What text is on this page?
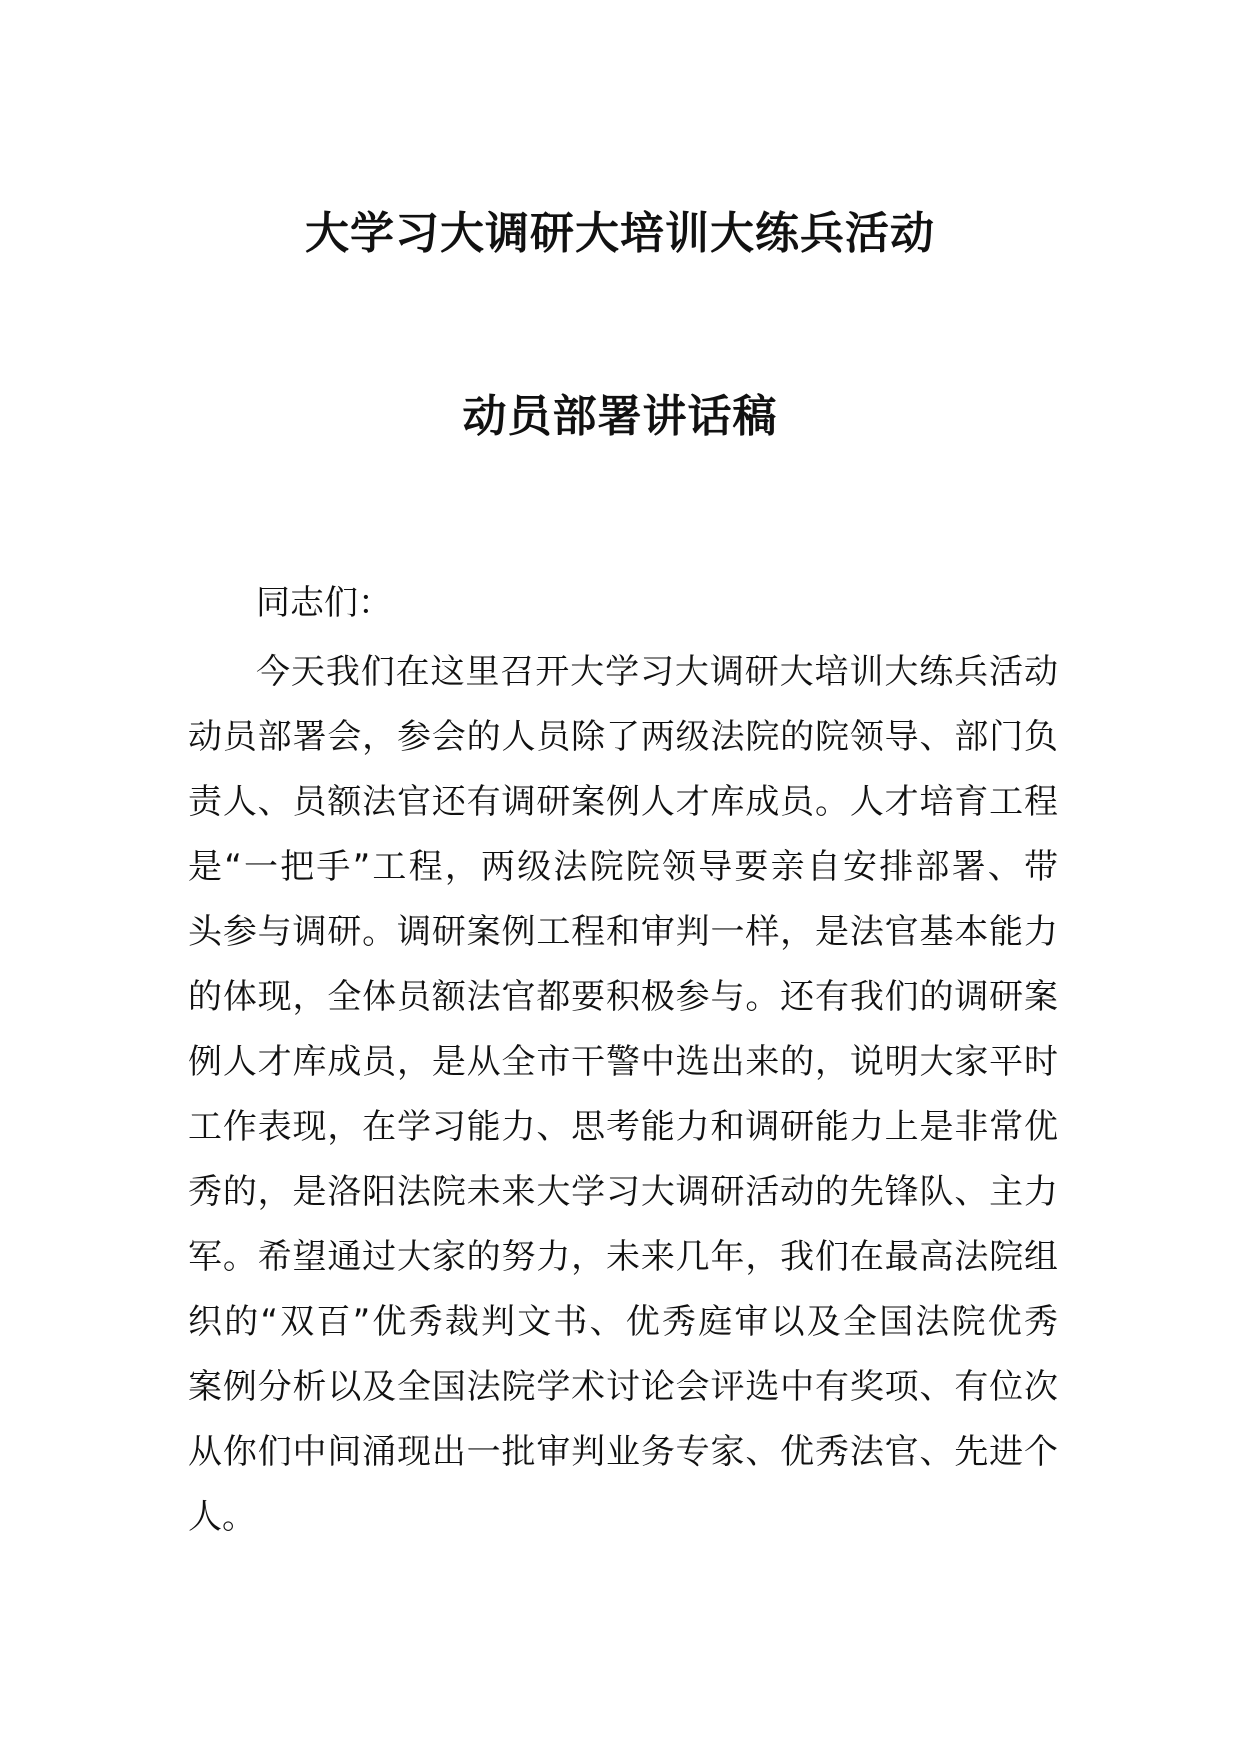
大学习大调研大培训大练兵活动
动员部署讲话稿
同志们：
今天我们在这里召开大学习大调研大培训大练兵活动
动员部署会，参会的人员除了两级法院的院领导、部门负
责人、员额法官还有调研案例人才库成员。人才培育工程
是“一把手”工程，两级法院院领导要亲自安排部署、带
头参与调研。调研案例工程和审判一样，是法官基本能力
的体现，全体员额法官都要积极参与。还有我们的调研案
例人才库成员，是从全市干警中选出来的，说明大家平时
工作表现，在学习能力、思考能力和调研能力上是非常优
秀的，是洛阳法院未来大学习大调研活动的先锋队、主力
军。希望通过大家的努力，未来几年，我们在最高法院组
织的“双百”优秀裁判文书、优秀庭审以及全国法院优秀
案例分析以及全国法院学术讨论会评选中有奖项、有位次
从你们中间涌现出一批审判业务专家、优秀法官、先进个
人。
